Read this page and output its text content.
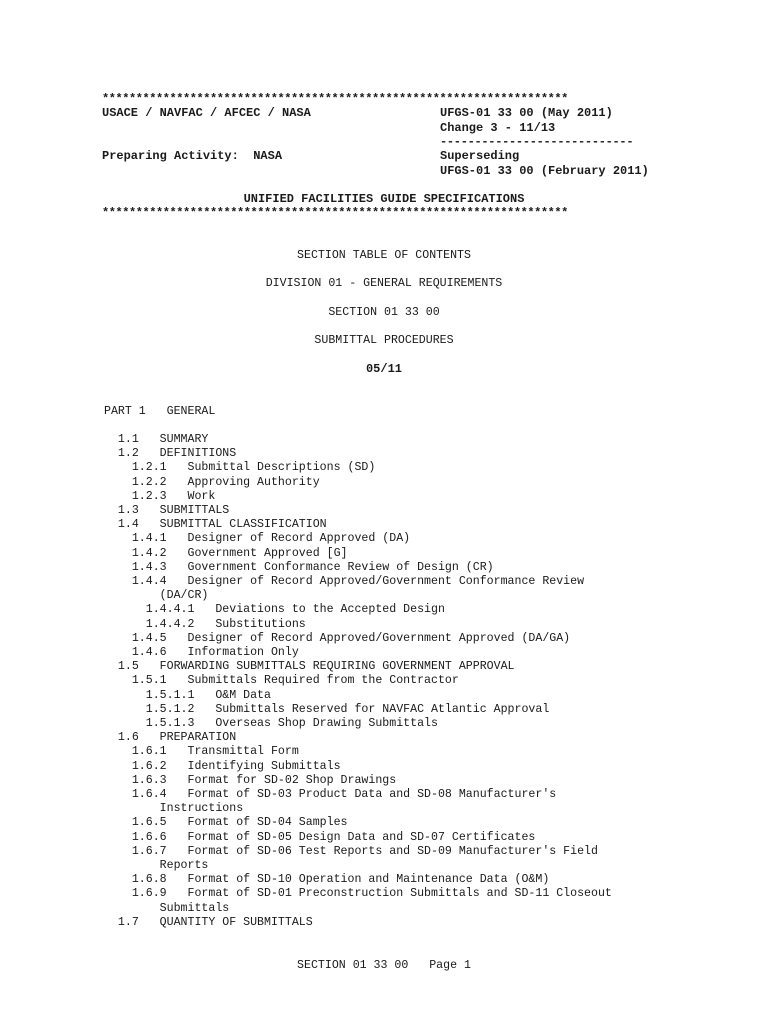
*********************************************************************
USACE / NAVFAC / AFCEC / NASA	UFGS-01 33 00 (May 2011)
Change 3 - 11/13
----------------------------
Preparing Activity:  NASA	Superseding
UFGS-01 33 00 (February 2011)
UNIFIED FACILITIES GUIDE SPECIFICATIONS
*********************************************************************
SECTION TABLE OF CONTENTS
DIVISION 01 - GENERAL REQUIREMENTS
SECTION 01 33 00
SUBMITTAL PROCEDURES
05/11
PART 1   GENERAL
1.1   SUMMARY
1.2   DEFINITIONS
1.2.1   Submittal Descriptions (SD)
1.2.2   Approving Authority
1.2.3   Work
1.3   SUBMITTALS
1.4   SUBMITTAL CLASSIFICATION
1.4.1   Designer of Record Approved (DA)
1.4.2   Government Approved [G]
1.4.3   Government Conformance Review of Design (CR)
1.4.4   Designer of Record Approved/Government Conformance Review
(DA/CR)
1.4.4.1   Deviations to the Accepted Design
1.4.4.2   Substitutions
1.4.5   Designer of Record Approved/Government Approved (DA/GA)
1.4.6   Information Only
1.5   FORWARDING SUBMITTALS REQUIRING GOVERNMENT APPROVAL
1.5.1   Submittals Required from the Contractor
1.5.1.1   O&M Data
1.5.1.2   Submittals Reserved for NAVFAC Atlantic Approval
1.5.1.3   Overseas Shop Drawing Submittals
1.6   PREPARATION
1.6.1   Transmittal Form
1.6.2   Identifying Submittals
1.6.3   Format for SD-02 Shop Drawings
1.6.4   Format of SD-03 Product Data and SD-08 Manufacturer's
Instructions
1.6.5   Format of SD-04 Samples
1.6.6   Format of SD-05 Design Data and SD-07 Certificates
1.6.7   Format of SD-06 Test Reports and SD-09 Manufacturer's Field
Reports
1.6.8   Format of SD-10 Operation and Maintenance Data (O&M)
1.6.9   Format of SD-01 Preconstruction Submittals and SD-11 Closeout
Submittals
1.7   QUANTITY OF SUBMITTALS
SECTION 01 33 00   Page 1
